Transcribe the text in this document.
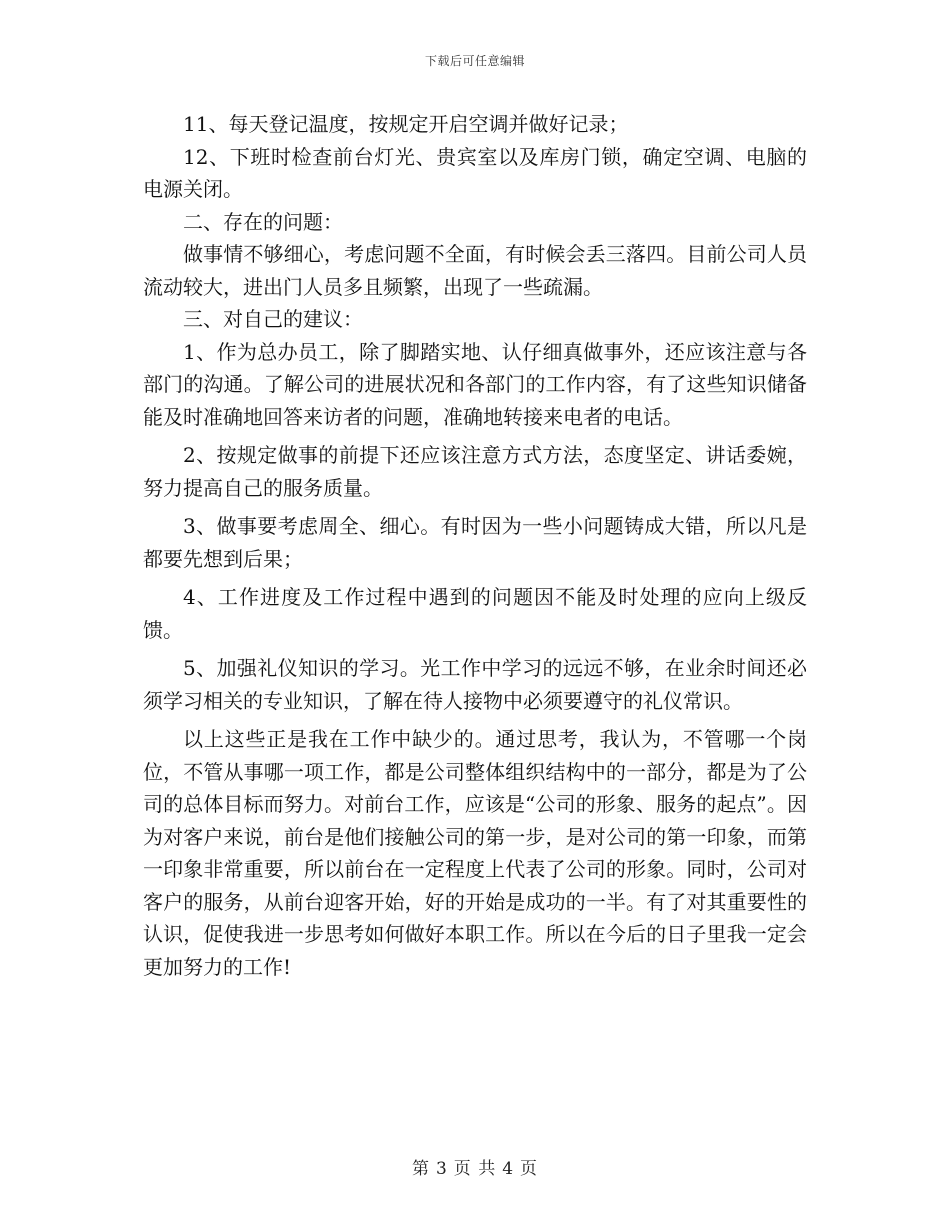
下载后可任意编辑

11、每天登记温度，按规定开启空调并做好记录；

12、下班时检查前台灯光、贵宾室以及库房门锁，确定空调、电脑的电源关闭。

二、存在的问题：

做事情不够细心，考虑问题不全面，有时候会丢三落四。目前公司人员流动较大，进出门人员多且频繁，出现了一些疏漏。

三、对自己的建议：

1、作为总办员工，除了脚踏实地、认仔细真做事外，还应该注意与各部门的沟通。了解公司的进展状况和各部门的工作内容，有了这些知识储备能及时准确地回答来访者的问题，准确地转接来电者的电话。

2、按规定做事的前提下还应该注意方式方法，态度坚定、讲话委婉，努力提高自己的服务质量。

3、做事要考虑周全、细心。有时因为一些小问题铸成大错，所以凡是都要先想到后果；

4、工作进度及工作过程中遇到的问题因不能及时处理的应向上级反馈。

5、加强礼仪知识的学习。光工作中学习的远远不够，在业余时间还必须学习相关的专业知识，了解在待人接物中必须要遵守的礼仪常识。

以上这些正是我在工作中缺少的。通过思考，我认为，不管哪一个岗位，不管从事哪一项工作，都是公司整体组织结构中的一部分，都是为了公司的总体目标而努力。对前台工作，应该是“公司的形象、服务的起点”。因为对客户来说，前台是他们接触公司的第一步，是对公司的第一印象，而第一印象非常重要，所以前台在一定程度上代表了公司的形象。同时，公司对客户的服务，从前台迎客开始，好的开始是成功的一半。有了对其重要性的认识，促使我进一步思考如何做好本职工作。所以在今后的日子里我一定会更加努力的工作!

第 3 页 共 4 页
